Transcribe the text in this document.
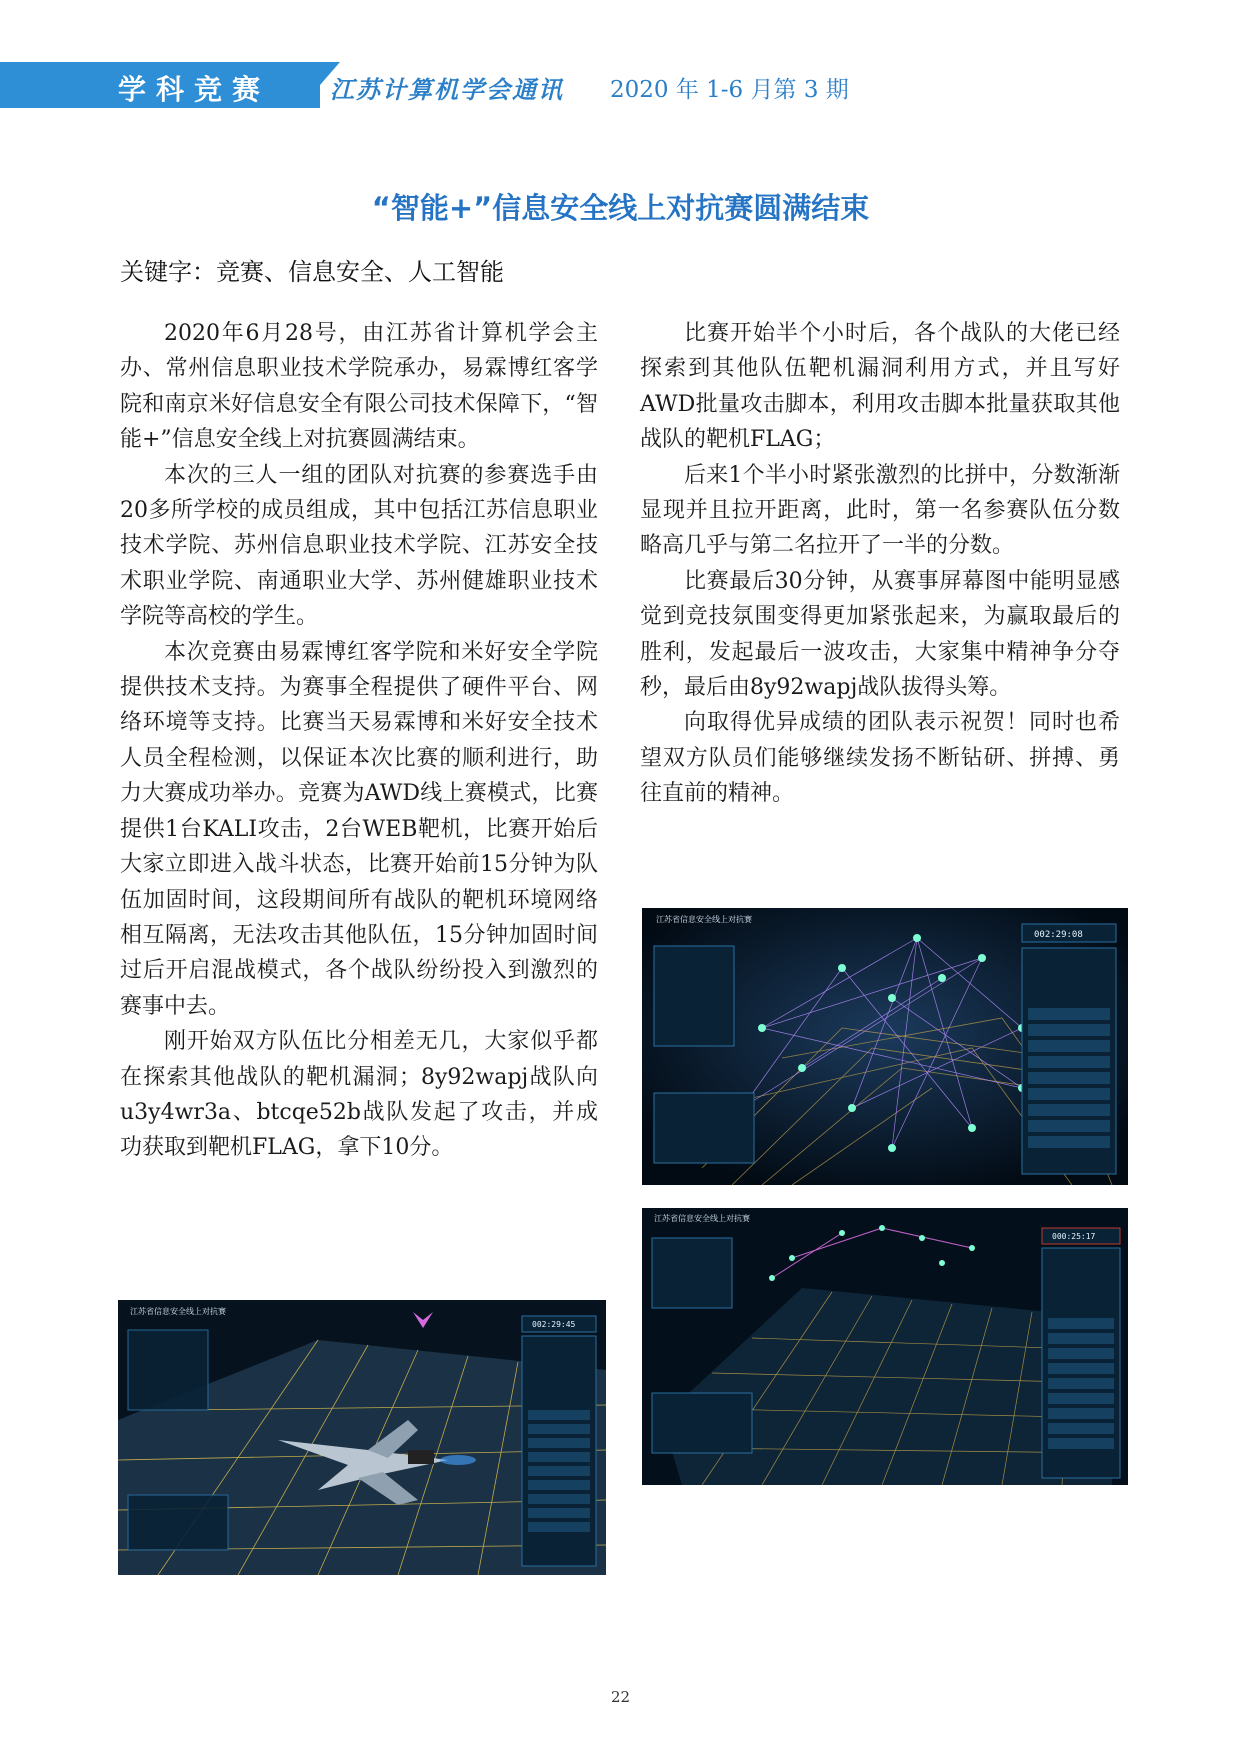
学科竞赛 江苏计算机学会通讯 2020 年 1-6 月第 3 期
“智能+”信息安全线上对抗赛圆满结束
关键字：竞赛、信息安全、人工智能

2020年6月28号，由江苏省计算机学会主办、常州信息职业技术学院承办，易霖博红客学院和南京米好信息安全有限公司技术保障下，“智能+”信息安全线上对抗赛圆满结束。

本次的三人一组的团队对抗赛的参赛选手由20多所学校的成员组成，其中包括江苏信息职业技术学院、苏州信息职业技术学院、江苏安全技术职业学院、南通职业大学、苏州健雄职业技术学院等高校的学生。

本次竞赛由易霖博红客学院和米好安全学院提供技术支持。为赛事全程提供了硬件平台、网络环境等支持。比赛当天易霖博和米好安全技术人员全程检测，以保证本次比赛的顺利进行，助力大赛成功举办。竞赛为AWD线上赛模式，比赛提供1台KALI攻击，2台WEB靶机，比赛开始后大家立即进入战斗状态，比赛开始前15分钟为队伍加固时间，这段期间所有战队的靶机环境网络相互隔离，无法攻击其他队伍，15分钟加固时间过后开启混战模式，各个战队纷纷投入到激烈的赛事中去。

刚开始双方队伍比分相差无几，大家似乎都在探索其他战队的靶机漏洞；8y92wapj战队向u3y4wr3a、btcqe52b战队发起了攻击，并成功获取到靶机FLAG，拿下10分。

比赛开始半个小时后，各个战队的大佬已经探索到其他队伍靶机漏洞利用方式，并且写好AWD批量攻击脚本，利用攻击脚本批量获取其他战队的靶机FLAG；

后来1个半小时紧张激烈的比拼中，分数渐渐显现并且拉开距离，此时，第一名参赛队伍分数略高几乎与第二名拉开了一半的分数。

比赛最后30分钟，从赛事屏幕图中能明显感觉到竞技氛围变得更加紧张起来，为赢取最后的胜利，发起最后一波攻击，大家集中精神争分夺秒，最后由8y92wapj战队拔得头筹。

向取得优异成绩的团队表示祝贺！同时也希望双方队员们能够继续发扬不断钻研、拼搏、勇往直前的精神。

江苏省信息安全线上对抗赛
002:29:08
江苏省信息安全线上对抗赛
000:25:17
江苏省信息安全线上对抗赛
002:29:45
22
